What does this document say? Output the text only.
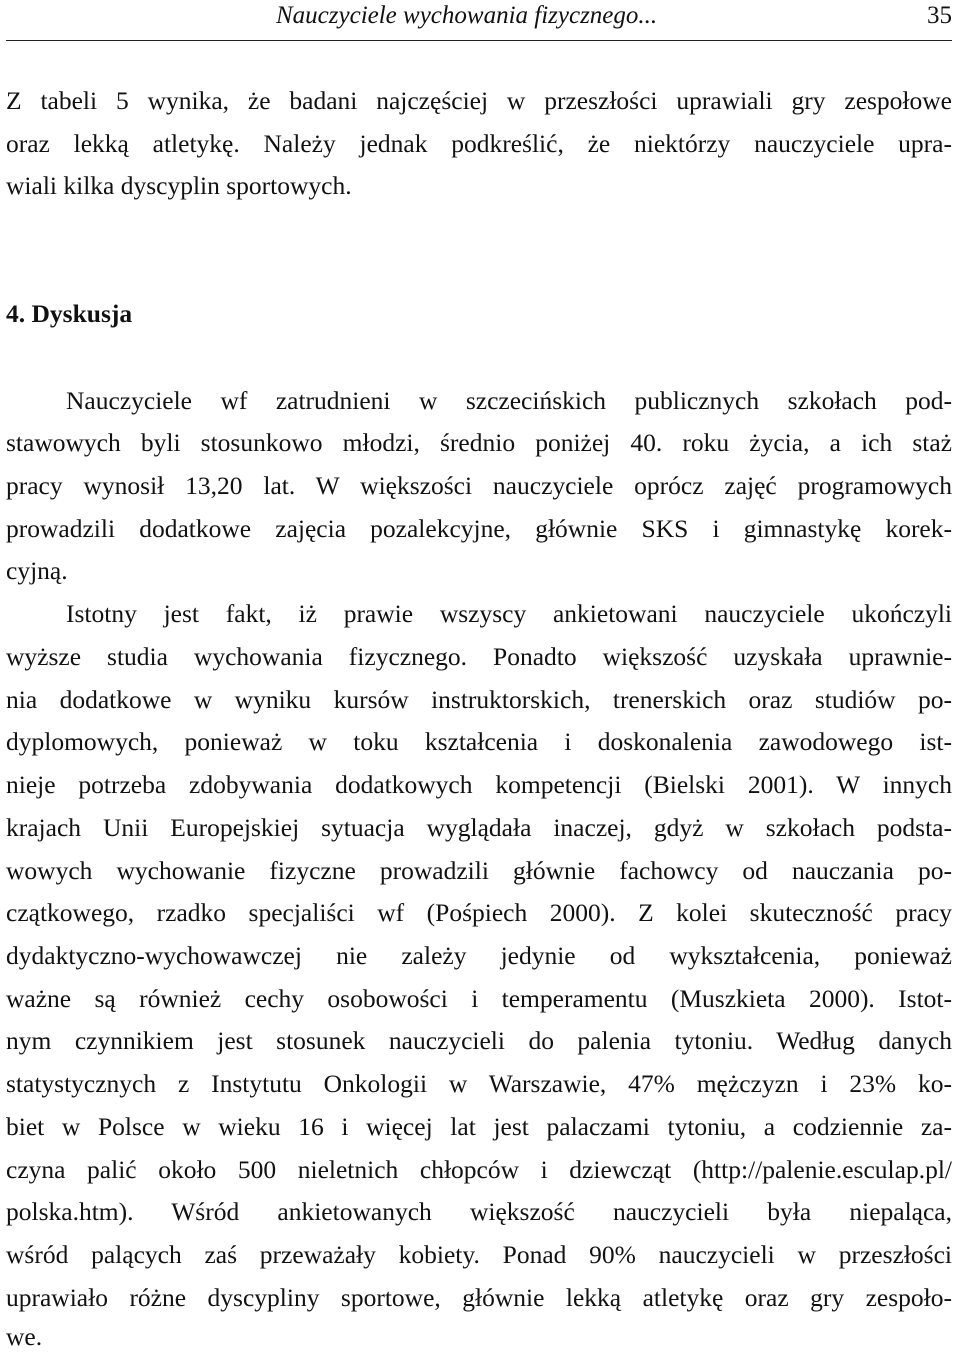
Nauczyciele wychowania fizycznego...	35
Z tabeli 5 wynika, że badani najczęściej w przeszłości uprawiali gry zespołowe
oraz lekką atletykę. Należy jednak podkreślić, że niektórzy nauczyciele upra-
wiali kilka dyscyplin sportowych.
4. Dyskusja
Nauczyciele wf zatrudnieni w szczecińskich publicznych szkołach pod-
stawowych byli stosunkowo młodzi, średnio poniżej 40. roku życia, a ich staż
pracy wynosił 13,20 lat. W większości nauczyciele oprócz zajęć programowych
prowadzili dodatkowe zajęcia pozalekcyjne, głównie SKS i gimnastykę korek-
cyjną.
Istotny jest fakt, iż prawie wszyscy ankietowani nauczyciele ukończyli
wyższe studia wychowania fizycznego. Ponadto większość uzyskała uprawnie-
nia dodatkowe w wyniku kursów instruktorskich, trenerskich oraz studiów po-
dyplomowych, ponieważ w toku kształcenia i doskonalenia zawodowego ist-
nieje potrzeba zdobywania dodatkowych kompetencji (Bielski 2001). W innych
krajach Unii Europejskiej sytuacja wyglądała inaczej, gdyż w szkołach podsta-
wowych wychowanie fizyczne prowadzili głównie fachowcy od nauczania po-
czątkowego, rzadko specjaliści wf (Pośpiech 2000). Z kolei skuteczność pracy
dydaktyczno-wychowawczej nie zależy jedynie od wykształcenia, ponieważ
ważne są również cechy osobowości i temperamentu (Muszkieta 2000). Istot-
nym czynnikiem jest stosunek nauczycieli do palenia tytoniu. Według danych
statystycznych z Instytutu Onkologii w Warszawie, 47% mężczyzn i 23% ko-
biet w Polsce w wieku 16 i więcej lat jest palaczami tytoniu, a codziennie za-
czyna palić około 500 nieletnich chłopców i dziewcząt (http://palenie.esculap.pl/
polska.htm). Wśród ankietowanych większość nauczycieli była niepaląca,
wśród palących zaś przeważały kobiety. Ponad 90% nauczycieli w przeszłości
uprawiało różne dyscypliny sportowe, głównie lekką atletykę oraz gry zespoło-
we.
